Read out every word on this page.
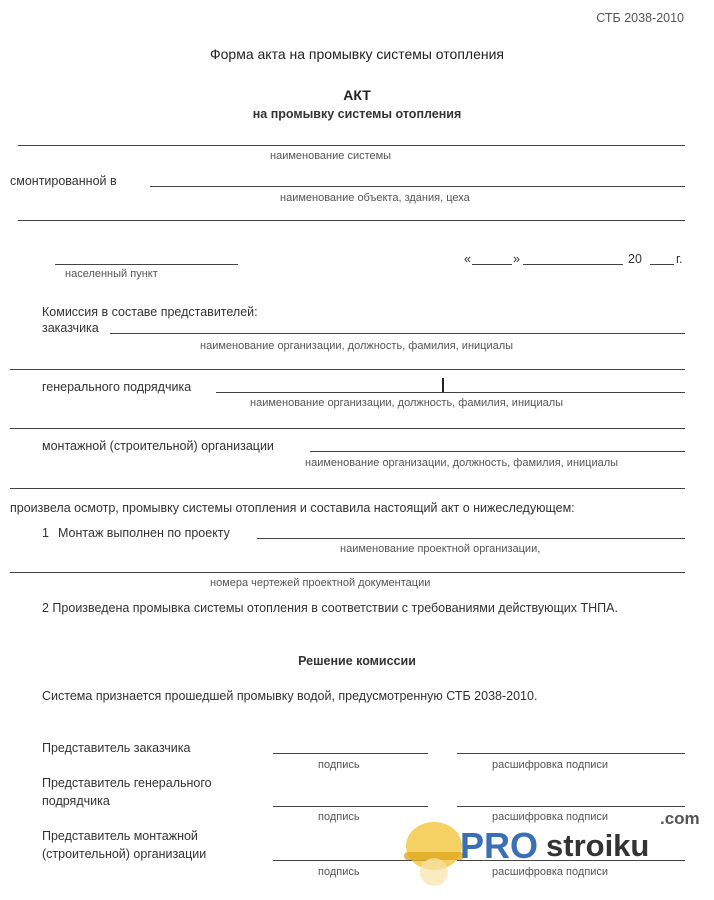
СТБ 2038-2010
Форма акта на промывку системы отопления
АКТ
на промывку системы отопления
наименование системы
смонтированной в
наименование объекта, здания, цеха
населенный пункт
«	»	20	г.
Комиссия в составе представителей:
заказчика
наименование организации, должность, фамилия, инициалы
генерального подрядчика
наименование организации, должность, фамилия, инициалы
монтажной (строительной) организации
наименование организации, должность, фамилия, инициалы
произвела осмотр, промывку системы отопления и составила настоящий акт о нижеследующем:
1 Монтаж выполнен по проекту
наименование проектной организации,
номера чертежей проектной документации
2 Произведена промывка системы отопления в соответствии с требованиями действующих ТНПА.
Решение комиссии
Система признается прошедшей промывку водой, предусмотренную СТБ 2038-2010.
Представитель заказчика
подпись	расшифровка подписи
Представитель генерального
подрядчика
подпись	расшифровка подписи
Представитель монтажной
(строительной) организации
подпись	расшифровка подписи
PRO stroiku
.com
